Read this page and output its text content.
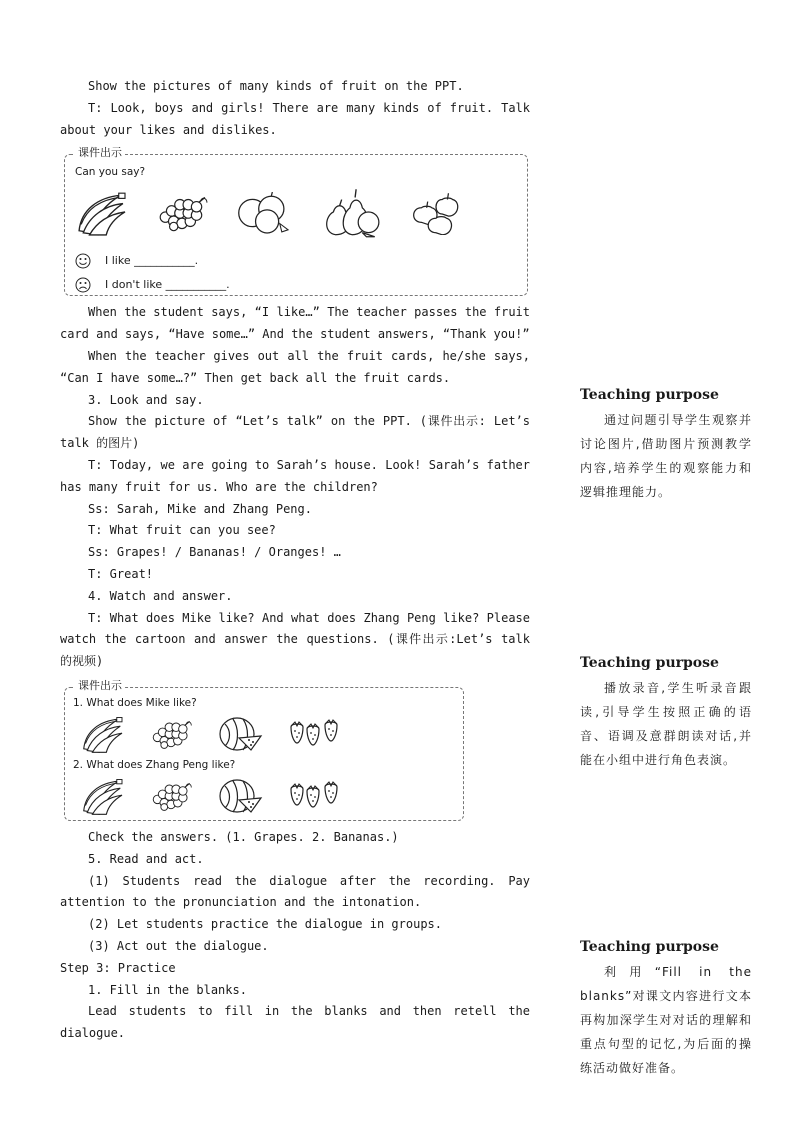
Show the pictures of many kinds of fruit on the PPT.

T: Look, boys and girls! There are many kinds of fruit. Talk about your likes and dislikes.

课件出示
Can you say?
I like ___________.
I don't like ___________.

When the student says, “I like…” The teacher passes the fruit card and says, “Have some…” And the student answers, “Thank you!”

When the teacher gives out all the fruit cards, he/she says, “Can I have some…?” Then get back all the fruit cards.

3. Look and say.

Show the picture of “Let’s talk” on the PPT. (课件出示: Let’s talk 的图片)

T: Today, we are going to Sarah’s house. Look! Sarah’s father has many fruit for us. Who are the children?

Ss: Sarah, Mike and Zhang Peng.

T: What fruit can you see?

Ss: Grapes! / Bananas! / Oranges! …

T: Great!

4. Watch and answer.

T: What does Mike like? And what does Zhang Peng like? Please watch the cartoon and answer the questions. (课件出示:Let’s talk 的视频)

课件出示
1. What does Mike like?
2. What does Zhang Peng like?

Check the answers. (1. Grapes. 2. Bananas.)

5. Read and act.

(1) Students read the dialogue after the recording. Pay attention to the pronunciation and the intonation.

(2) Let students practice the dialogue in groups.

(3) Act out the dialogue.

Step 3: Practice

1. Fill in the blanks.

Lead students to fill in the blanks and then retell the dialogue.

Teaching purpose

通过问题引导学生观察并讨论图片,借助图片预测教学内容,培养学生的观察能力和逻辑推理能力。

Teaching purpose

播放录音,学生听录音跟读,引导学生按照正确的语音、语调及意群朗读对话,并能在小组中进行角色表演。

Teaching purpose

利用“Fill in the blanks”对课文内容进行文本再构加深学生对对话的理解和重点句型的记忆,为后面的操练活动做好准备。
